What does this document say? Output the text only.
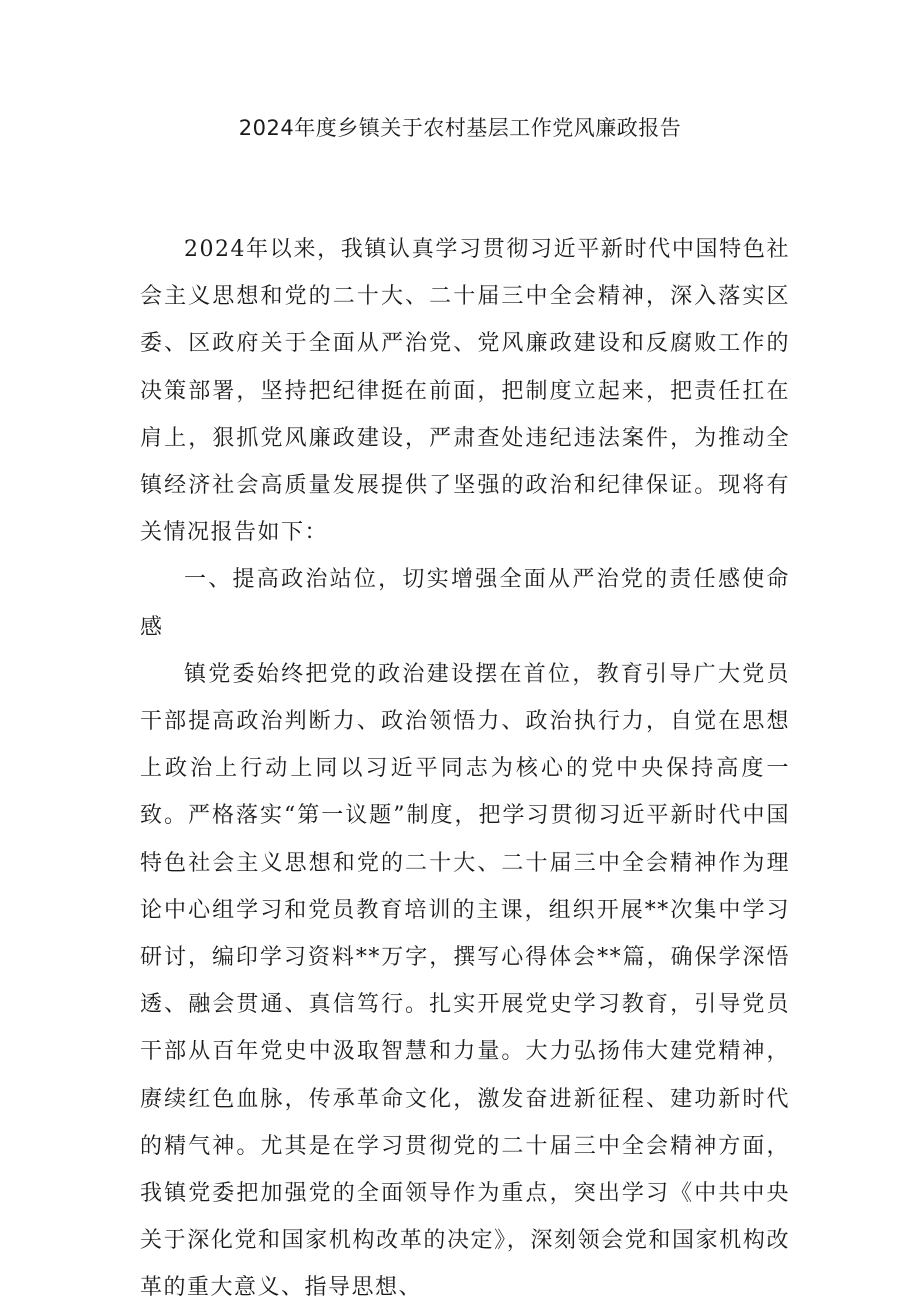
2024年度乡镇关于农村基层工作党风廉政报告

2024年以来，我镇认真学习贯彻习近平新时代中国特色社会主义思想和党的二十大、二十届三中全会精神，深入落实区委、区政府关于全面从严治党、党风廉政建设和反腐败工作的决策部署，坚持把纪律挺在前面，把制度立起来，把责任扛在肩上，狠抓党风廉政建设，严肃查处违纪违法案件，为推动全镇经济社会高质量发展提供了坚强的政治和纪律保证。现将有关情况报告如下：

一、提高政治站位，切实增强全面从严治党的责任感使命感

镇党委始终把党的政治建设摆在首位，教育引导广大党员干部提高政治判断力、政治领悟力、政治执行力，自觉在思想上政治上行动上同以习近平同志为核心的党中央保持高度一致。严格落实“第一议题”制度，把学习贯彻习近平新时代中国特色社会主义思想和党的二十大、二十届三中全会精神作为理论中心组学习和党员教育培训的主课，组织开展**次集中学习研讨，编印学习资料**万字，撰写心得体会**篇，确保学深悟透、融会贯通、真信笃行。扎实开展党史学习教育，引导党员干部从百年党史中汲取智慧和力量。大力弘扬伟大建党精神，赓续红色血脉，传承革命文化，激发奋进新征程、建功新时代的精气神。尤其是在学习贯彻党的二十届三中全会精神方面，我镇党委把加强党的全面领导作为重点，突出学习《中共中央关于深化党和国家机构改革的决定》，深刻领会党和国家机构改革的重大意义、指导思想、
